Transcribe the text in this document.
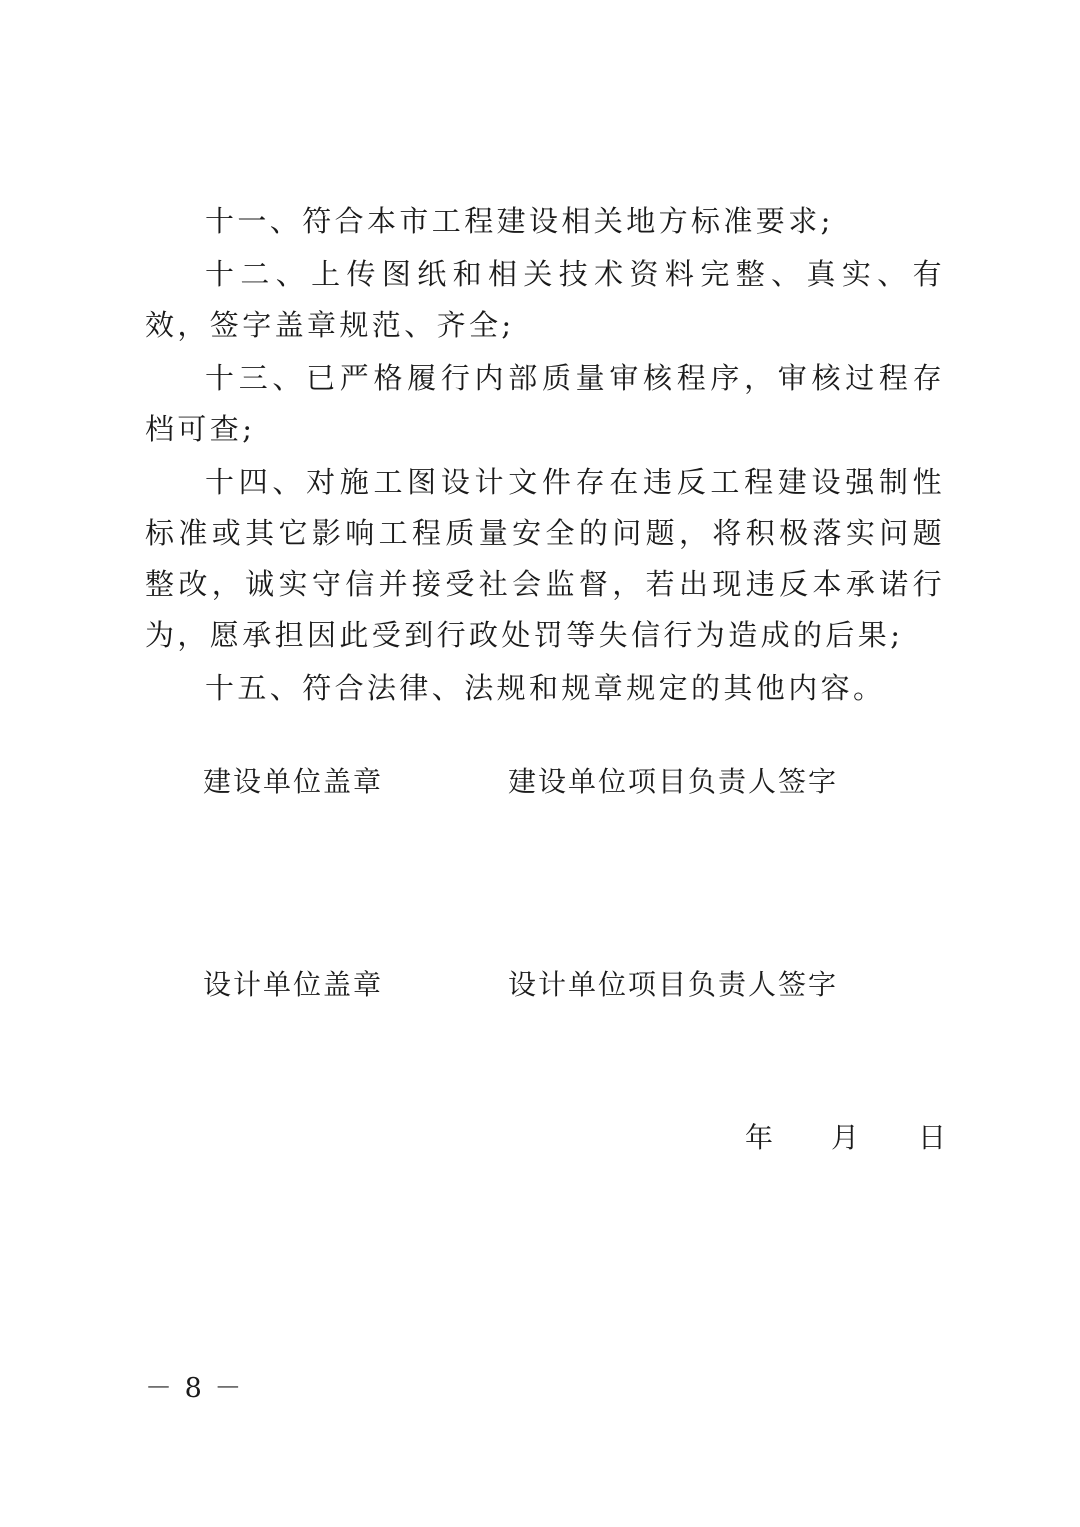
十一、符合本市工程建设相关地方标准要求;

十二、上传图纸和相关技术资料完整、真实、有效，签字盖章规范、齐全;

十三、已严格履行内部质量审核程序，审核过程存档可查;

十四、对施工图设计文件存在违反工程建设强制性标准或其它影响工程质量安全的问题，将积极落实问题整改，诚实守信并接受社会监督，若出现违反本承诺行为，愿承担因此受到行政处罚等失信行为造成的后果;

十五、符合法律、法规和规章规定的其他内容。

建设单位盖章	建设单位项目负责人签字
设计单位盖章	设计单位项目负责人签字
年 月 日
－ 8 －
